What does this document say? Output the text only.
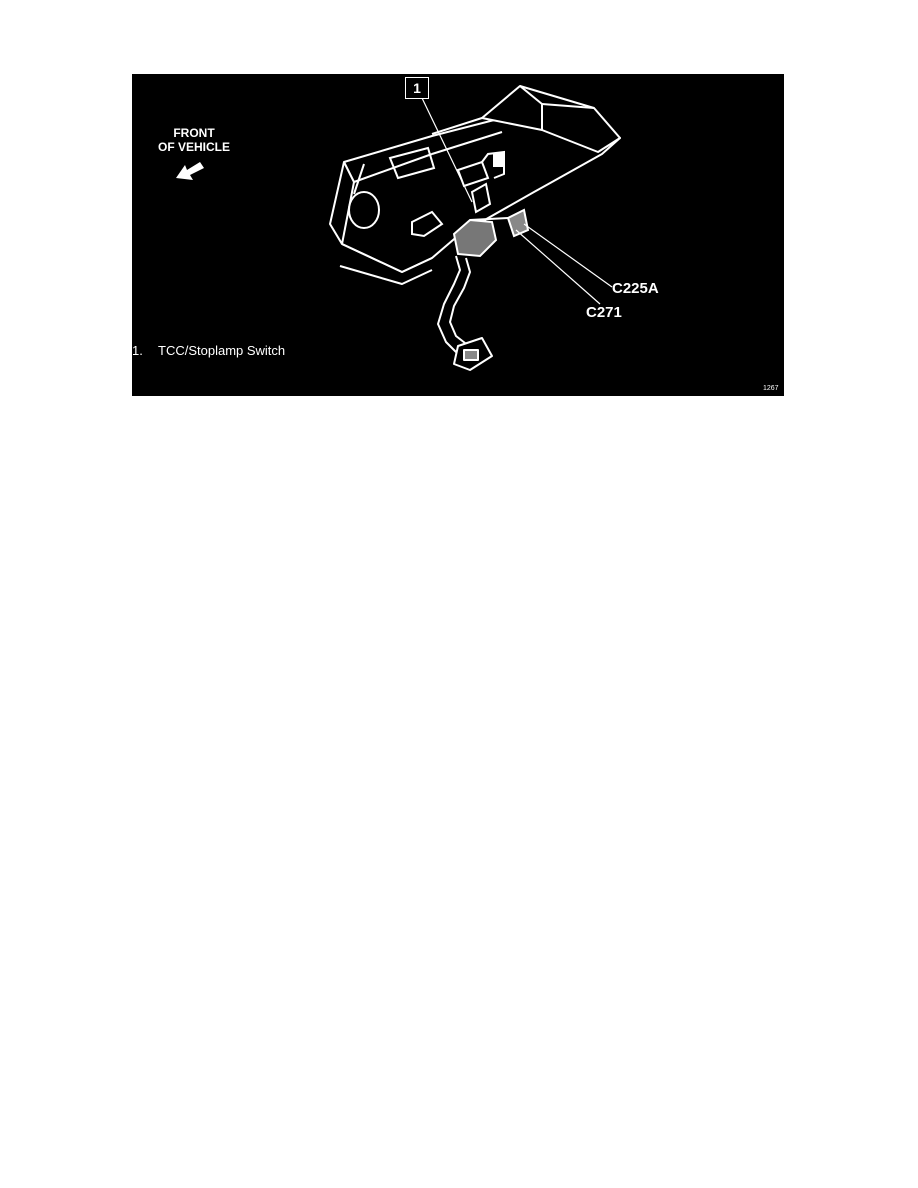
FRONT
OF VEHICLE
1
C225A
C271
1. TCC/Stoplamp Switch
1267
